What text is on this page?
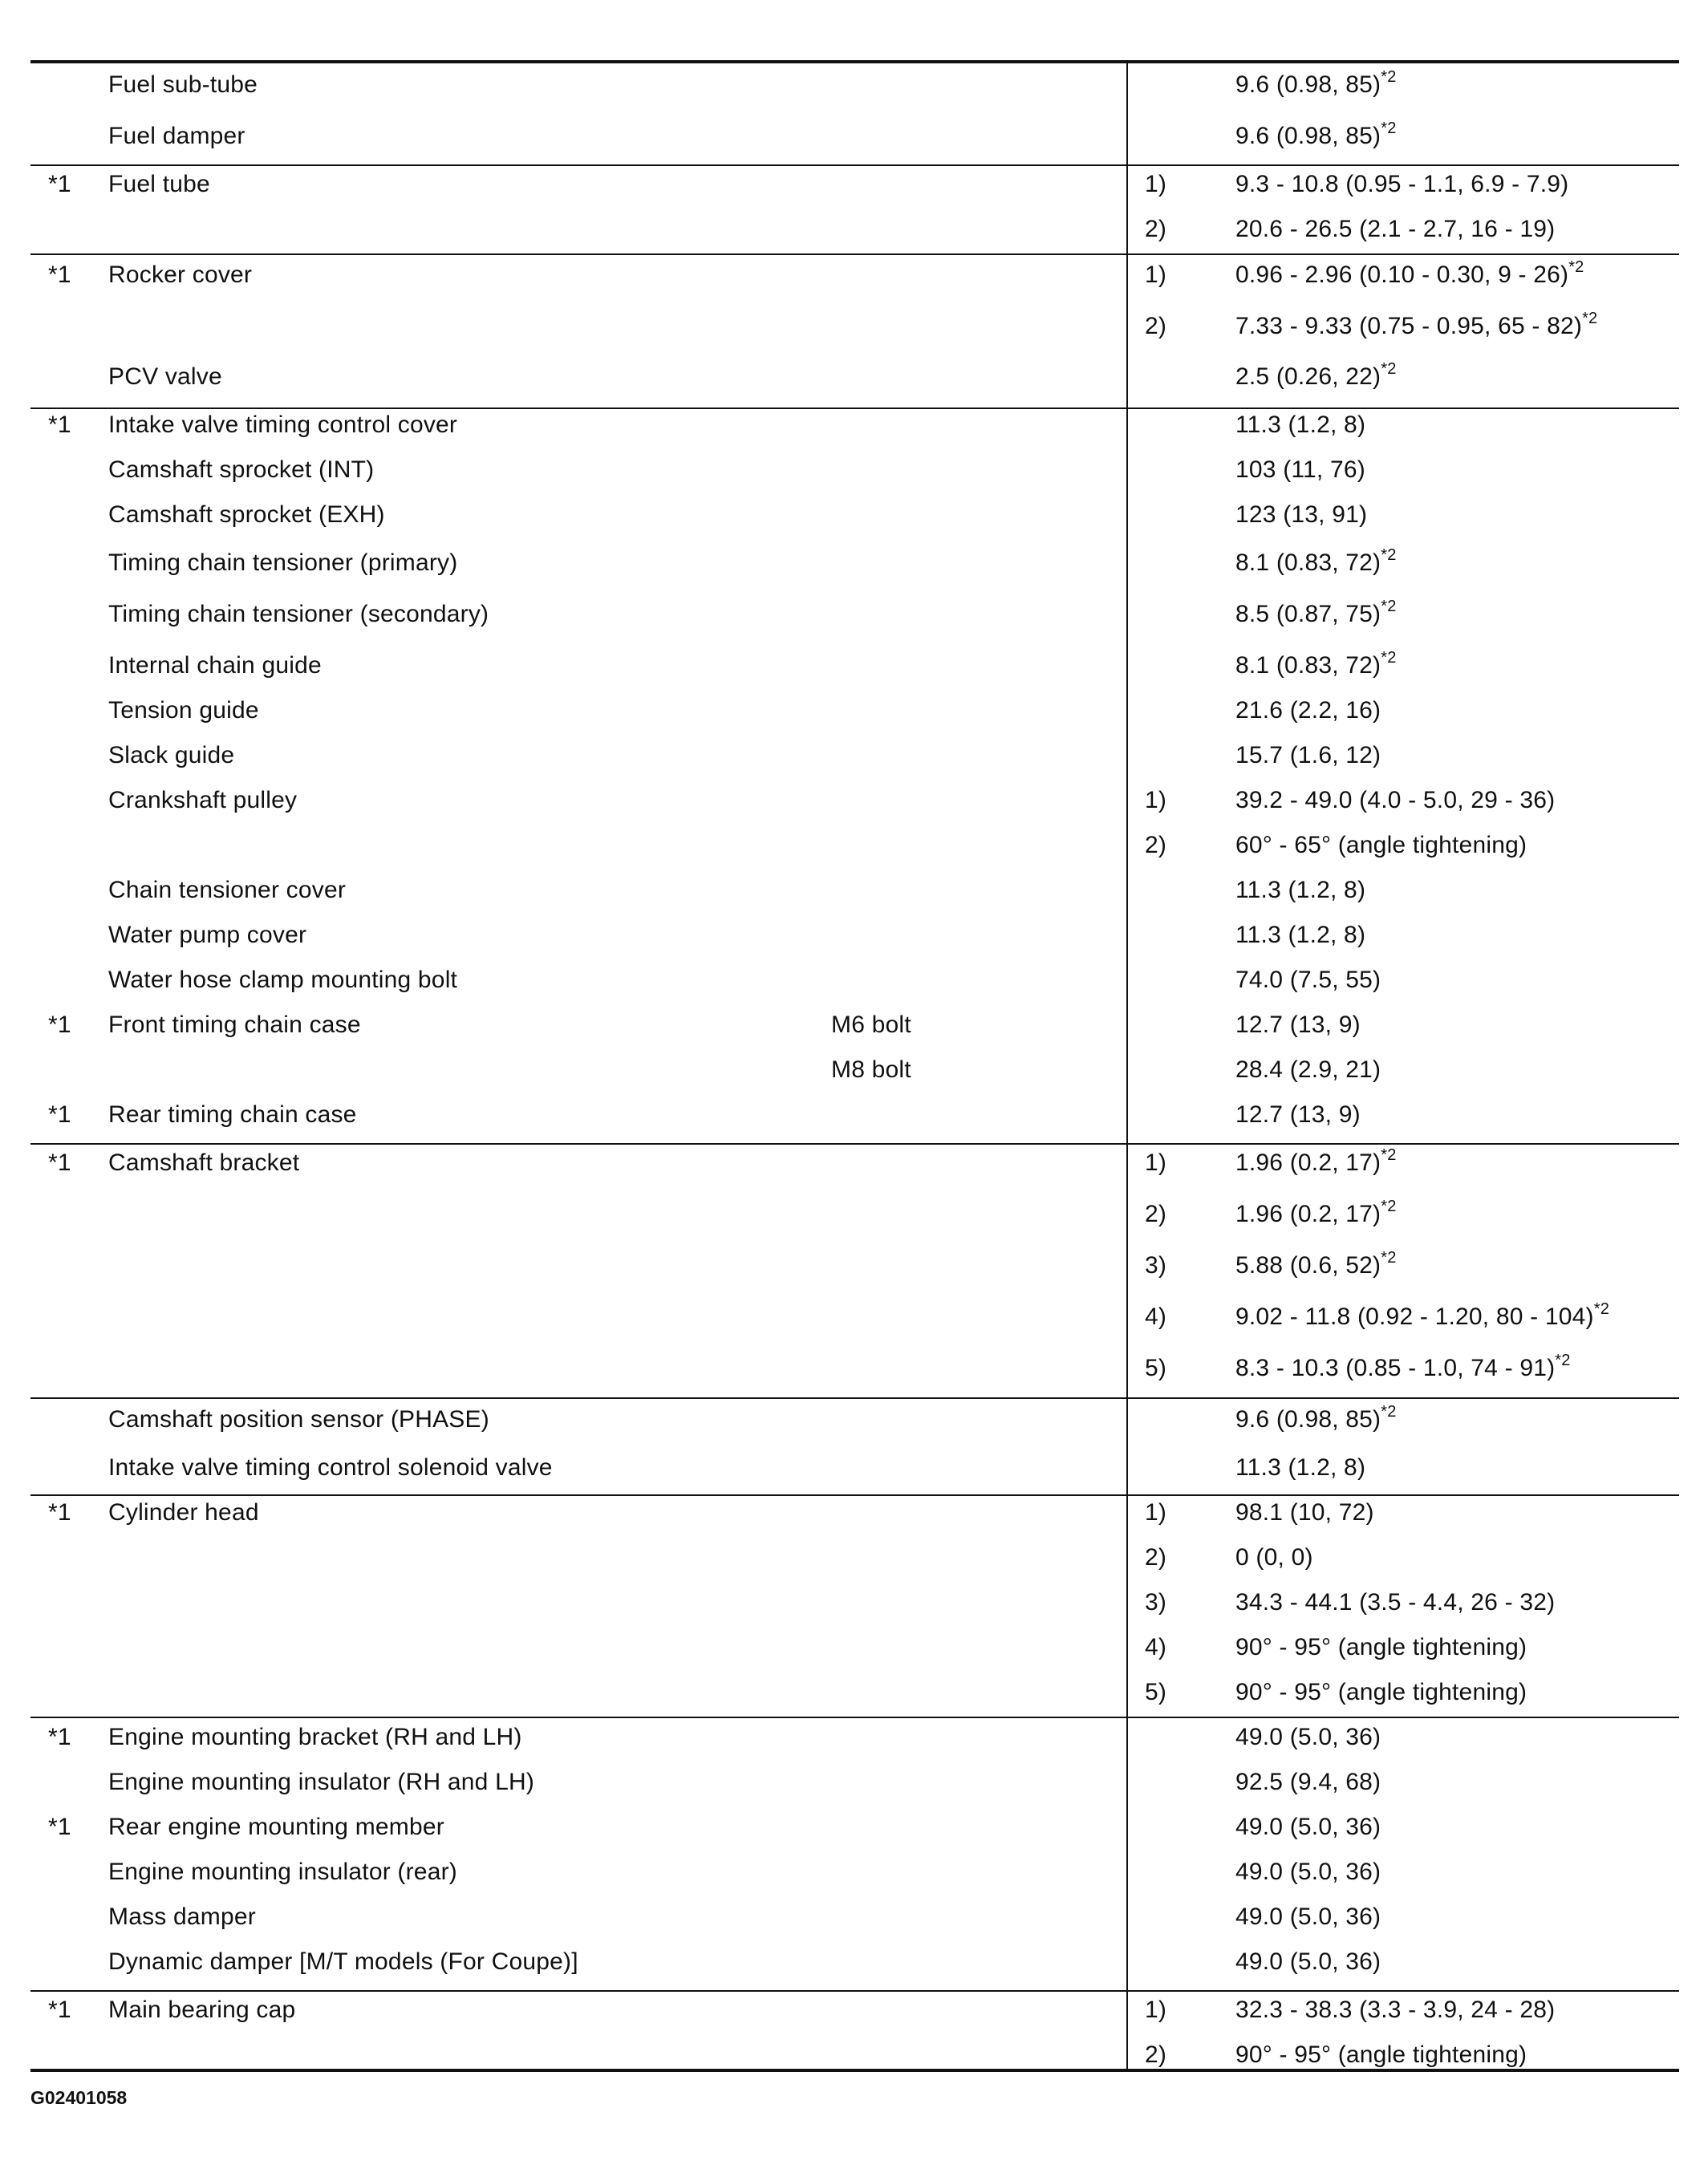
Fuel sub-tube	9.6 (0.98, 85)$^{*2}$
Fuel damper	9.6 (0.98, 85)$^{*2}$
*1 Fuel tube	1)	9.3 - 10.8 (0.95 - 1.1, 6.9 - 7.9)
2)	20.6 - 26.5 (2.1 - 2.7, 16 - 19)
*1 Rocker cover	1)	0.96 - 2.96 (0.10 - 0.30, 9 - 26)$^{*2}$
2)	7.33 - 9.33 (0.75 - 0.95, 65 - 82)$^{*2}$
PCV valve	2.5 (0.26, 22)$^{*2}$
*1 Intake valve timing control cover	11.3 (1.2, 8)
Camshaft sprocket (INT)	103 (11, 76)
Camshaft sprocket (EXH)	123 (13, 91)
Timing chain tensioner (primary)	8.1 (0.83, 72)$^{*2}$
Timing chain tensioner (secondary)	8.5 (0.87, 75)$^{*2}$
Internal chain guide	8.1 (0.83, 72)$^{*2}$
Tension guide	21.6 (2.2, 16)
Slack guide	15.7 (1.6, 12)
Crankshaft pulley	1)	39.2 - 49.0 (4.0 - 5.0, 29 - 36)
2)	60° - 65° (angle tightening)
Chain tensioner cover	11.3 (1.2, 8)
Water pump cover	11.3 (1.2, 8)
Water hose clamp mounting bolt	74.0 (7.5, 55)
*1 Front timing chain case	M6 bolt	12.7 (13, 9)
M8 bolt	28.4 (2.9, 21)
*1 Rear timing chain case	12.7 (13, 9)
*1 Camshaft bracket	1)	1.96 (0.2, 17)$^{*2}$
2)	1.96 (0.2, 17)$^{*2}$
3)	5.88 (0.6, 52)$^{*2}$
4)	9.02 - 11.8 (0.92 - 1.20, 80 - 104)$^{*2}$
5)	8.3 - 10.3 (0.85 - 1.0, 74 - 91)$^{*2}$
Camshaft position sensor (PHASE)	9.6 (0.98, 85)$^{*2}$
Intake valve timing control solenoid valve	11.3 (1.2, 8)
*1 Cylinder head	1)	98.1 (10, 72)
2)	0 (0, 0)
3)	34.3 - 44.1 (3.5 - 4.4, 26 - 32)
4)	90° - 95° (angle tightening)
5)	90° - 95° (angle tightening)
*1 Engine mounting bracket (RH and LH)	49.0 (5.0, 36)
Engine mounting insulator (RH and LH)	92.5 (9.4, 68)
*1 Rear engine mounting member	49.0 (5.0, 36)
Engine mounting insulator (rear)	49.0 (5.0, 36)
Mass damper	49.0 (5.0, 36)
Dynamic damper [M/T models (For Coupe)]	49.0 (5.0, 36)
*1 Main bearing cap	1)	32.3 - 38.3 (3.3 - 3.9, 24 - 28)
2)	90° - 95° (angle tightening)
G02401058
